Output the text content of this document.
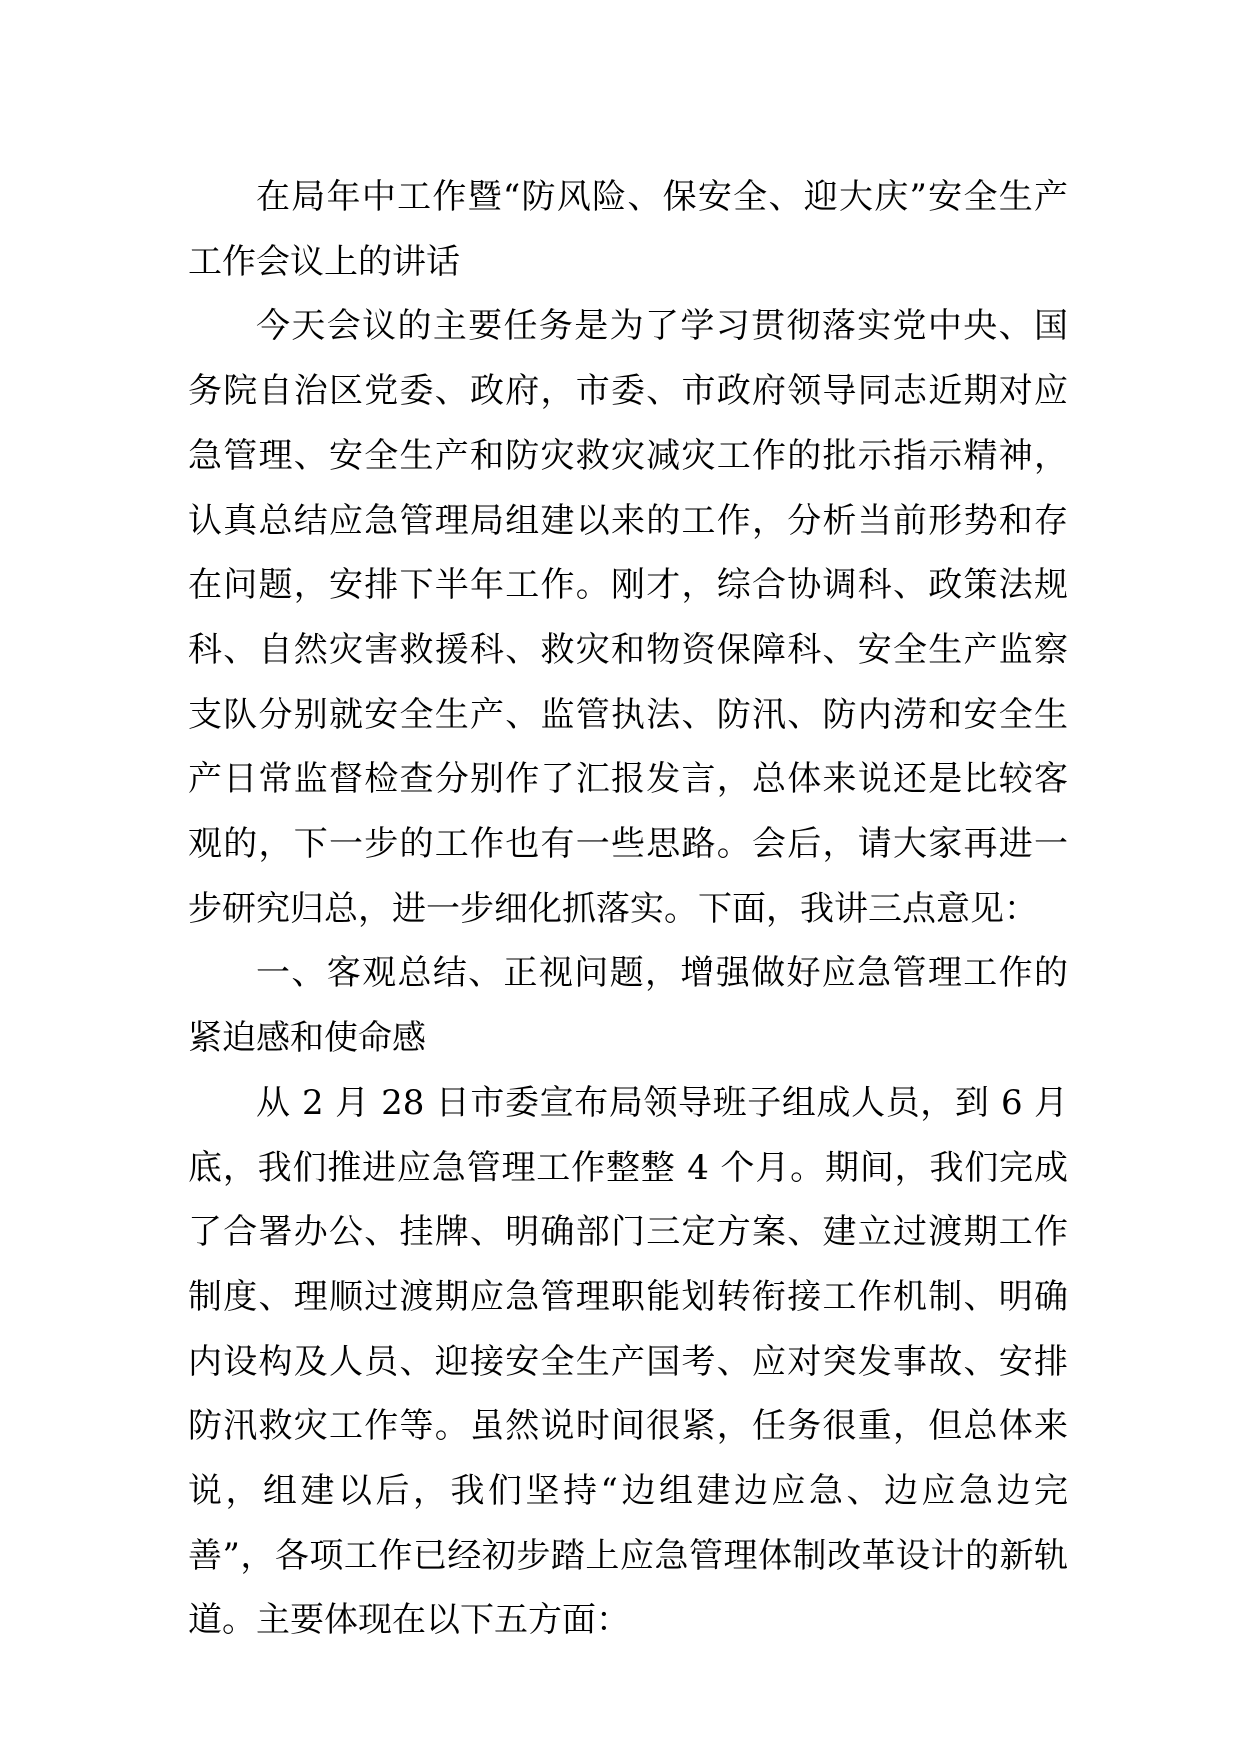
在局年中工作暨“防风险、保安全、迎大庆”安全生产工作会议上的讲话

今天会议的主要任务是为了学习贯彻落实党中央、国务院自治区党委、政府，市委、市政府领导同志近期对应急管理、安全生产和防灾救灾减灾工作的批示指示精神，认真总结应急管理局组建以来的工作，分析当前形势和存在问题，安排下半年工作。刚才，综合协调科、政策法规科、自然灾害救援科、救灾和物资保障科、安全生产监察支队分别就安全生产、监管执法、防汛、防内涝和安全生产日常监督检查分别作了汇报发言，总体来说还是比较客观的，下一步的工作也有一些思路。会后，请大家再进一步研究归总，进一步细化抓落实。下面，我讲三点意见：

一、客观总结、正视问题，增强做好应急管理工作的紧迫感和使命感

从 2 月 28 日市委宣布局领导班子组成人员，到 6 月底，我们推进应急管理工作整整 4 个月。期间，我们完成了合署办公、挂牌、明确部门三定方案、建立过渡期工作制度、理顺过渡期应急管理职能划转衔接工作机制、明确内设构及人员、迎接安全生产国考、应对突发事故、安排防汛救灾工作等。虽然说时间很紧，任务很重，但总体来说，组建以后，我们坚持“边组建边应急、边应急边完善”，各项工作已经初步踏上应急管理体制改革设计的新轨道。主要体现在以下五方面：
